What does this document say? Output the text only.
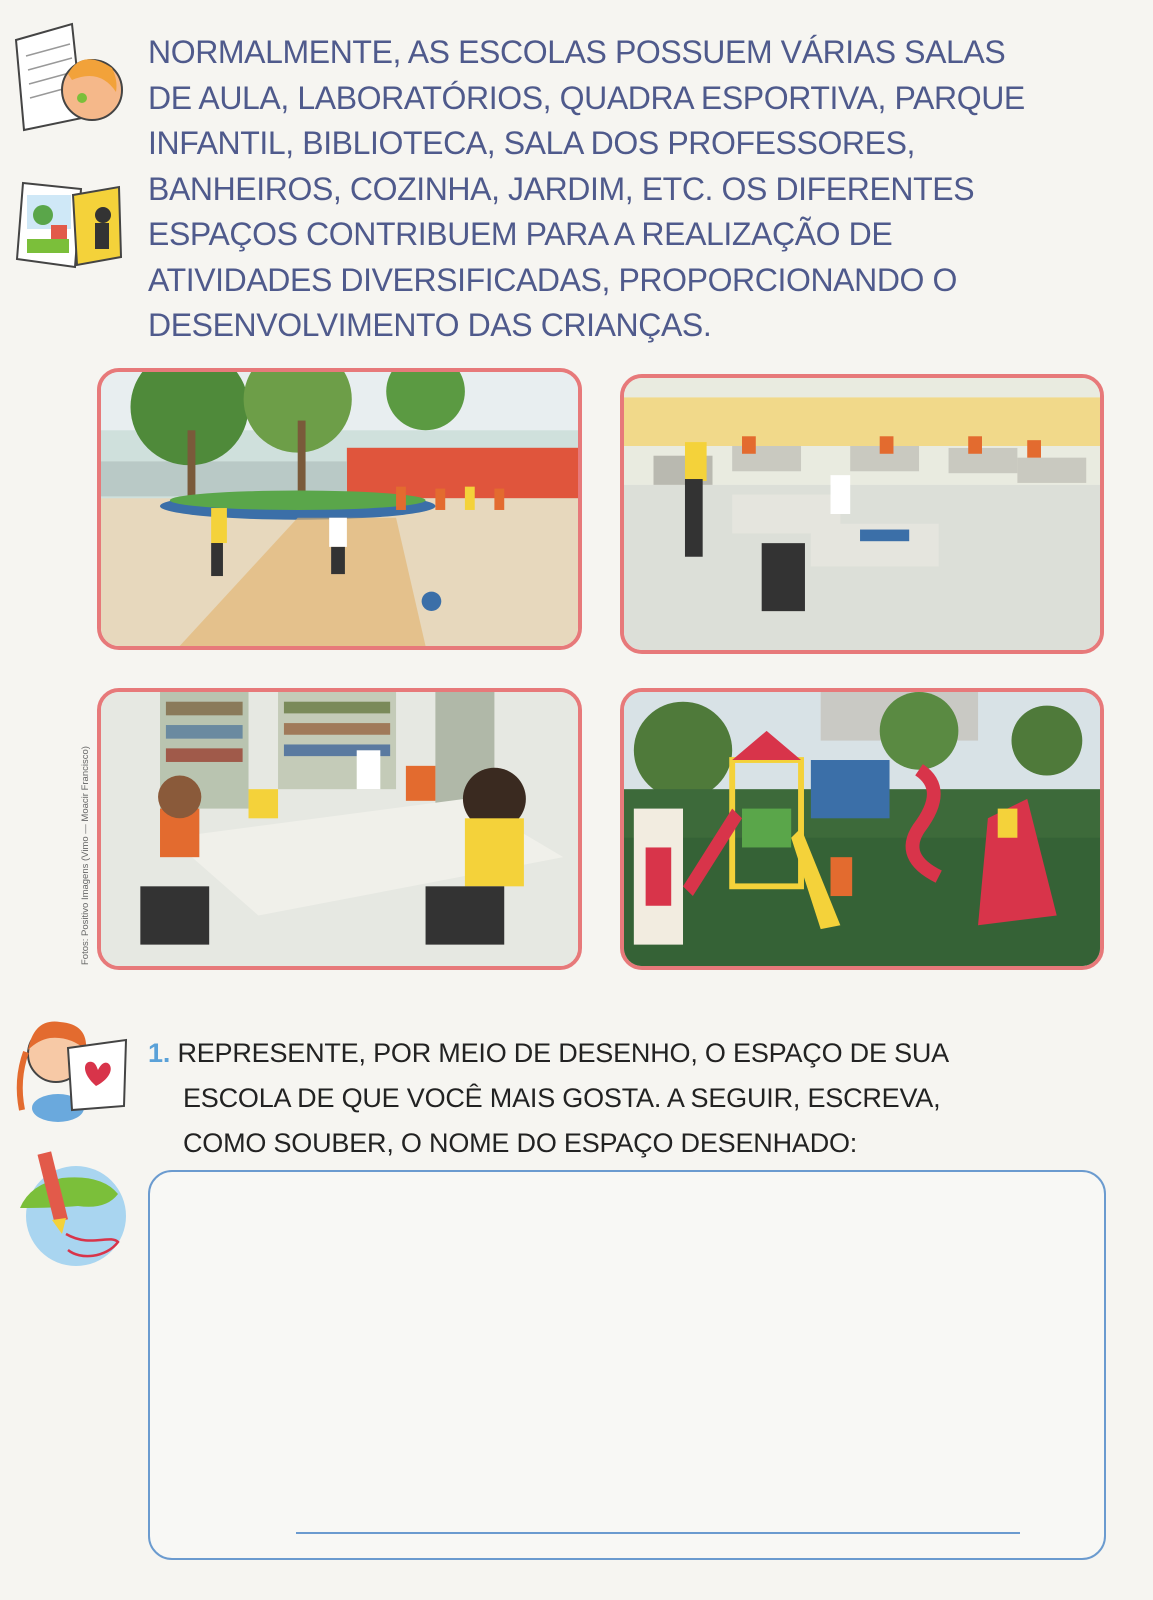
NORMALMENTE, AS ESCOLAS POSSUEM VÁRIAS SALAS
DE AULA, LABORATÓRIOS, QUADRA ESPORTIVA, PARQUE
INFANTIL, BIBLIOTECA, SALA DOS PROFESSORES,
BANHEIROS, COZINHA, JARDIM, ETC. OS DIFERENTES
ESPAÇOS CONTRIBUEM PARA A REALIZAÇÃO DE
ATIVIDADES DIVERSIFICADAS, PROPORCIONANDO O
DESENVOLVIMENTO DAS CRIANÇAS.

Fotos: Positivo Imagens (Vimo — Moacir Francisco)
1. REPRESENTE, POR MEIO DE DESENHO, O ESPAÇO DE SUA
ESCOLA DE QUE VOCÊ MAIS GOSTA. A SEGUIR, ESCREVA,
COMO SOUBER, O NOME DO ESPAÇO DESENHADO:
